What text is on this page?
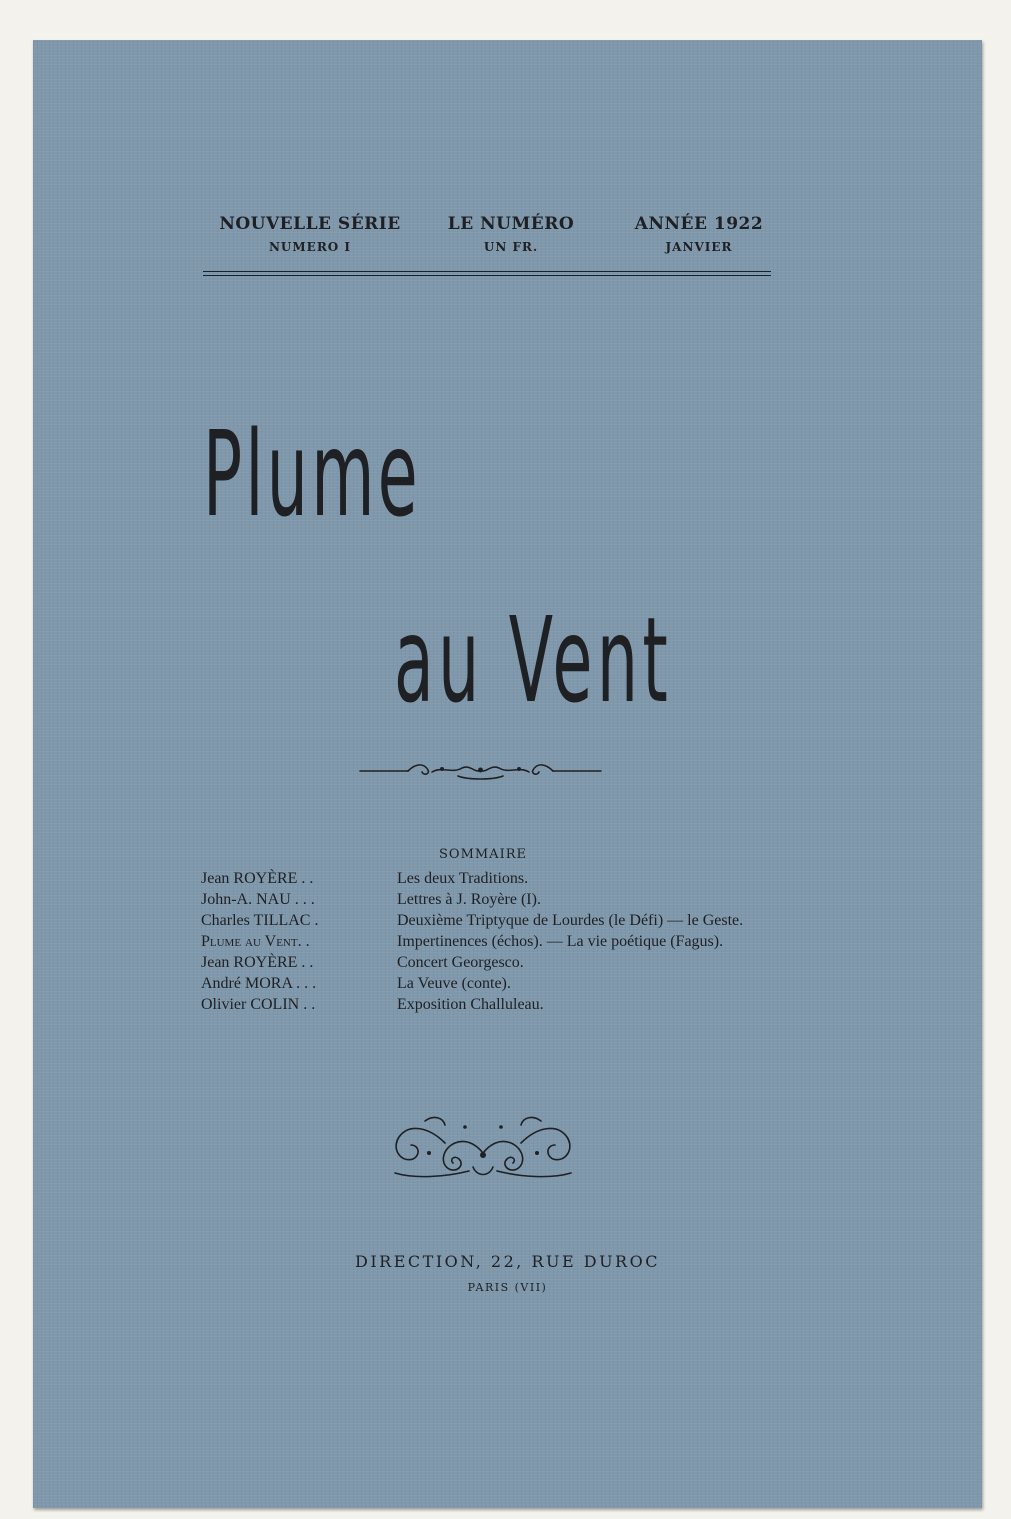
NOUVELLE SÉRIE
NUMERO I
LE NUMÉRO
UN FR.
ANNÉE 1922
JANVIER
Plume
au Vent
SOMMAIRE
Jean ROYÈRE . .	Les deux Traditions.
John-A. NAU . . .	Lettres à J. Royère (I).
Charles TILLAC .	Deuxième Triptyque de Lourdes (le Défi) — le Geste.
Plume au Vent. .	Impertinences (échos). — La vie poétique (Fagus).
Jean ROYÈRE . .	Concert Georgesco.
André MORA . . .	La Veuve (conte).
Olivier COLIN . .	Exposition Challuleau.
DIRECTION, 22, RUE DUROC
PARIS (VII)
